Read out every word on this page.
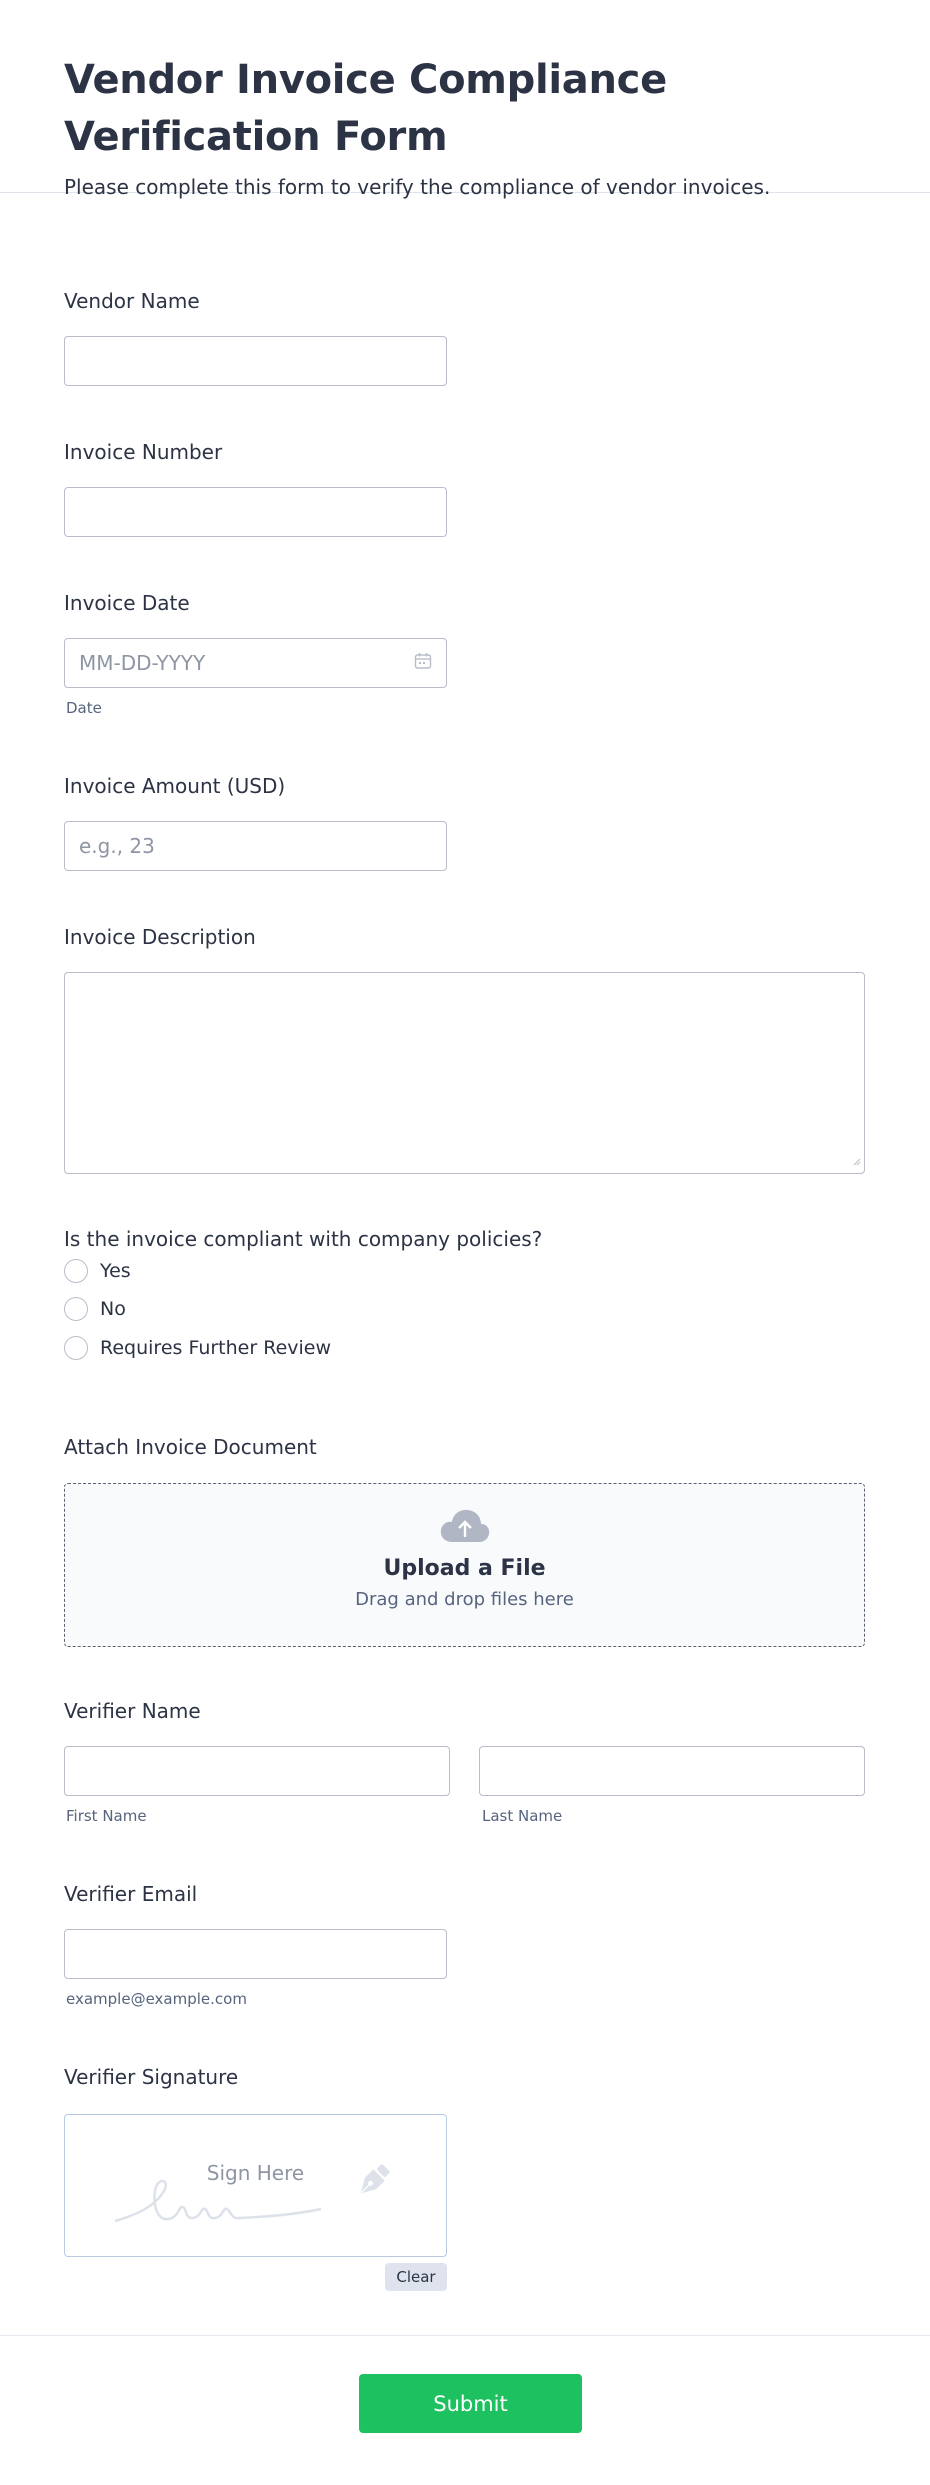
Vendor Invoice Compliance Verification Form
Please complete this form to verify the compliance of vendor invoices.
Vendor Name
Invoice Number
Invoice Date
MM-DD-YYYY
Date
Invoice Amount (USD)
e.g., 23
Invoice Description
Is the invoice compliant with company policies?
Yes
No
Requires Further Review
Attach Invoice Document
Upload a File
Drag and drop files here
Verifier Name
First Name	Last Name
Verifier Email
example@example.com
Verifier Signature
Sign Here
Clear
Submit
